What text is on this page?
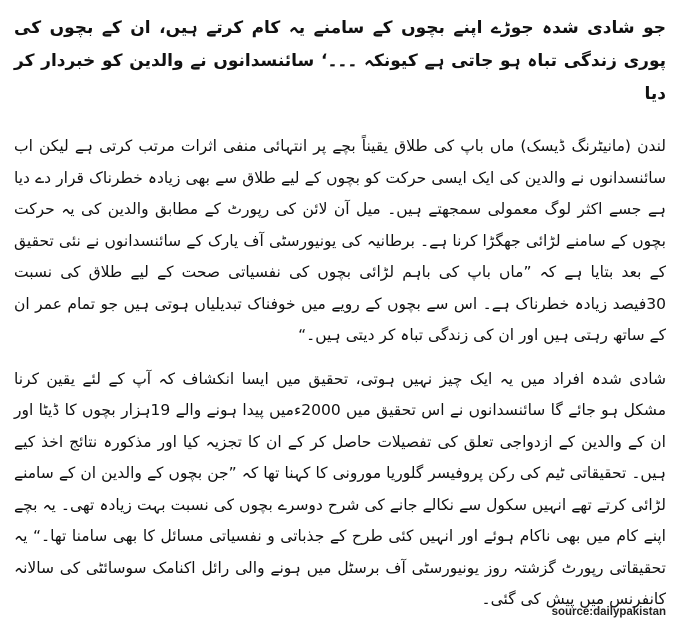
جو شادی شدہ جوڑے اپنے بچوں کے سامنے یہ کام کرتے ہیں، ان کے بچوں کی پوری زندگی تباہ ہو جاتی ہے کیونکہ ۔۔۔‘ سائنسدانوں نے والدین کو خبردار کر دیا

لندن (مانیٹرنگ ڈیسک) ماں باپ کی طلاق یقیناً بچے پر انتہائی منفی اثرات مرتب کرتی ہے لیکن اب سائنسدانوں نے والدین کی ایک ایسی حرکت کو بچوں کے لیے طلاق سے بھی زیادہ خطرناک قرار دے دیا ہے جسے اکثر لوگ معمولی سمجھتے ہیں۔ میل آن لائن کی رپورٹ کے مطابق والدین کی یہ حرکت بچوں کے سامنے لڑائی جھگڑا کرنا ہے۔ برطانیہ کی یونیورسٹی آف یارک کے سائنسدانوں نے نئی تحقیق کے بعد بتایا ہے کہ ”ماں باپ کی باہم لڑائی بچوں کی نفسیاتی صحت کے لیے طلاق کی نسبت 30فیصد زیادہ خطرناک ہے۔ اس سے بچوں کے رویے میں خوفناک تبدیلیاں ہوتی ہیں جو تمام عمر ان کے ساتھ رہتی ہیں اور ان کی زندگی تباہ کر دیتی ہیں۔“

شادی شدہ افراد میں یہ ایک چیز نہیں ہوتی، تحقیق میں ایسا انکشاف کہ آپ کے لئے یقین کرنا مشکل ہو جائے گا سائنسدانوں نے اس تحقیق میں 2000ءمیں پیدا ہونے والے 19ہزار بچوں کا ڈیٹا اور ان کے والدین کے ازدواجی تعلق کی تفصیلات حاصل کر کے ان کا تجزیہ کیا اور مذکورہ نتائج اخذ کیے ہیں۔ تحقیقاتی ٹیم کی رکن پروفیسر گلوریا مورونی کا کہنا تھا کہ ”جن بچوں کے والدین ان کے سامنے لڑائی کرتے تھے انہیں سکول سے نکالے جانے کی شرح دوسرے بچوں کی نسبت بہت زیادہ تھی۔ یہ بچے اپنے کام میں بھی ناکام ہوئے اور انہیں کئی طرح کے جذباتی و نفسیاتی مسائل کا بھی سامنا تھا۔“ یہ تحقیقاتی رپورٹ گزشتہ روز یونیورسٹی آف برسٹل میں ہونے والی رائل اکنامک سوسائٹی کی سالانہ کانفرنس میں پیش کی گئی۔

source:dailypakistan
